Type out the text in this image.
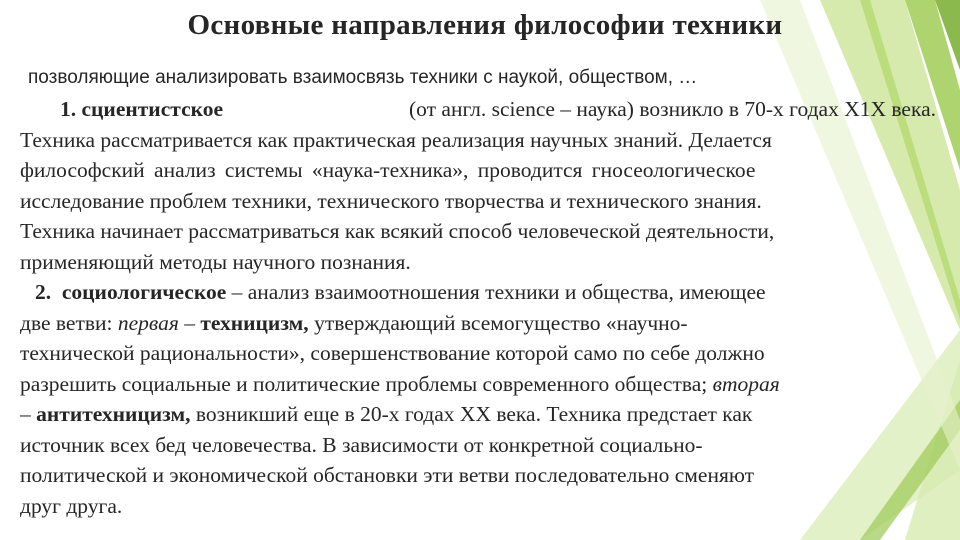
Основные направления философии техники
позволяющие анализировать взаимосвязь техники с наукой, обществом, …
1. сциентистское	(от англ. science – наука) возникло в 70-х годах Х1Х века.
Техника рассматривается как практическая реализация научных знаний. Делается
философский анализ системы «наука-техника», проводится гносеологическое
исследование проблем техники, технического творчества и технического знания.
Техника начинает рассматриваться как всякий способ человеческой деятельности,
применяющий методы научного познания.
2. социологическое – анализ взаимоотношения техники и общества, имеющее
две ветви: первая – техницизм, утверждающий всемогущество «научно-
технической рациональности», совершенствование которой само по себе должно
разрешить социальные и политические проблемы современного общества; вторая
– антитехницизм, возникший еще в 20-х годах ХХ века. Техника предстает как
источник всех бед человечества. В зависимости от конкретной социально-
политической и экономической обстановки эти ветви последовательно сменяют
друг друга.
